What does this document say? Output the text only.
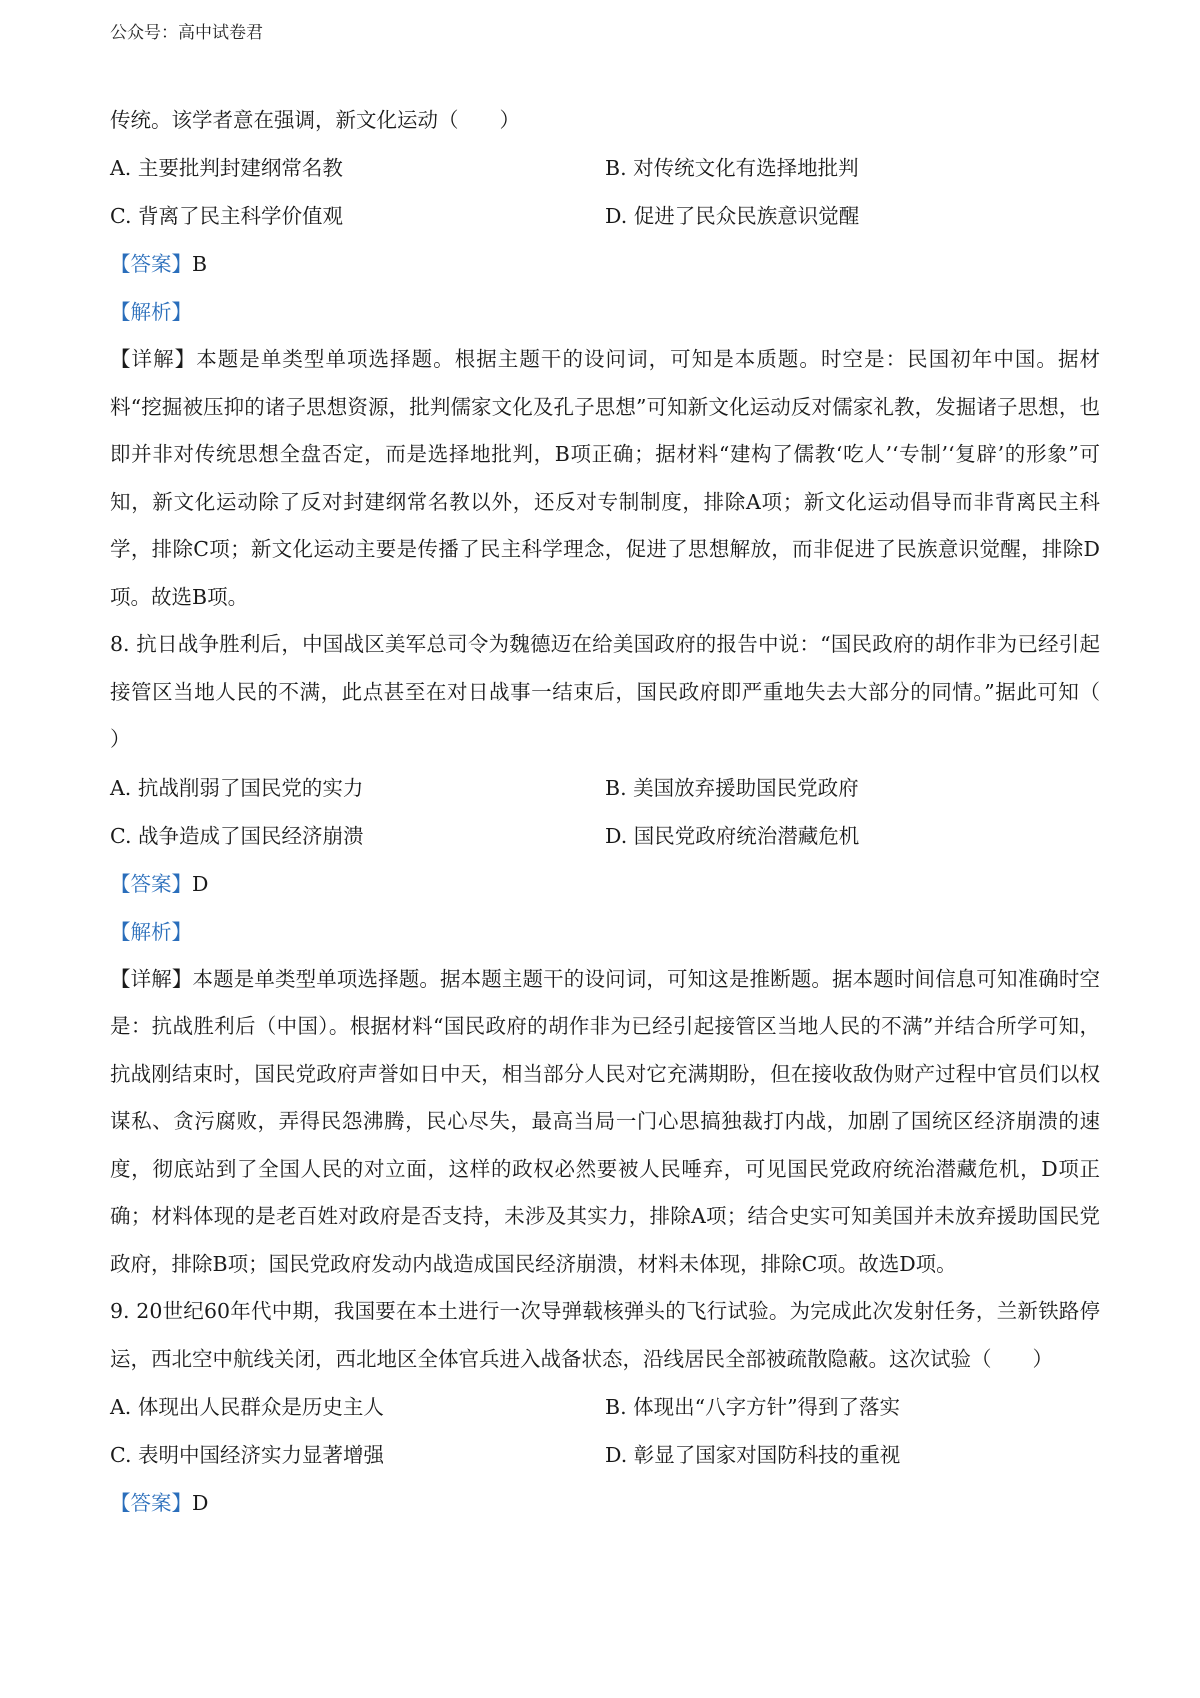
公众号：高中试卷君
传统。该学者意在强调，新文化运动（　　）
A. 主要批判封建纲常名教	B. 对传统文化有选择地批判
C. 背离了民主科学价值观	D. 促进了民众民族意识觉醒
【答案】B
【解析】
【详解】本题是单类型单项选择题。根据主题干的设问词，可知是本质题。时空是：民国初年中国。据材料“挖掘被压抑的诸子思想资源，批判儒家文化及孔子思想”可知新文化运动反对儒家礼教，发掘诸子思想，也即并非对传统思想全盘否定，而是选择地批判，B项正确；据材料“建构了儒教‘吃人’‘专制’‘复辟’的形象”可知，新文化运动除了反对封建纲常名教以外，还反对专制制度，排除A项；新文化运动倡导而非背离民主科学，排除C项；新文化运动主要是传播了民主科学理念，促进了思想解放，而非促进了民族意识觉醒，排除D项。故选B项。
8. 抗日战争胜利后，中国战区美军总司令为魏德迈在给美国政府的报告中说：“国民政府的胡作非为已经引起接管区当地人民的不满，此点甚至在对日战事一结束后，国民政府即严重地失去大部分的同情。”据此可知（　　）
A. 抗战削弱了国民党的实力	B. 美国放弃援助国民党政府
C. 战争造成了国民经济崩溃	D. 国民党政府统治潜藏危机
【答案】D
【解析】
【详解】本题是单类型单项选择题。据本题主题干的设问词，可知这是推断题。据本题时间信息可知准确时空是：抗战胜利后（中国）。根据材料“国民政府的胡作非为已经引起接管区当地人民的不满”并结合所学可知，抗战刚结束时，国民党政府声誉如日中天，相当部分人民对它充满期盼，但在接收敌伪财产过程中官员们以权谋私、贪污腐败，弄得民怨沸腾，民心尽失，最高当局一门心思搞独裁打内战，加剧了国统区经济崩溃的速度，彻底站到了全国人民的对立面，这样的政权必然要被人民唾弃，可见国民党政府统治潜藏危机，D项正确；材料体现的是老百姓对政府是否支持，未涉及其实力，排除A项；结合史实可知美国并未放弃援助国民党政府，排除B项；国民党政府发动内战造成国民经济崩溃，材料未体现，排除C项。故选D项。
9. 20世纪60年代中期，我国要在本土进行一次导弹载核弹头的飞行试验。为完成此次发射任务，兰新铁路停运，西北空中航线关闭，西北地区全体官兵进入战备状态，沿线居民全部被疏散隐蔽。这次试验（　　）
A. 体现出人民群众是历史主人	B. 体现出“八字方针”得到了落实
C. 表明中国经济实力显著增强	D. 彰显了国家对国防科技的重视
【答案】D
